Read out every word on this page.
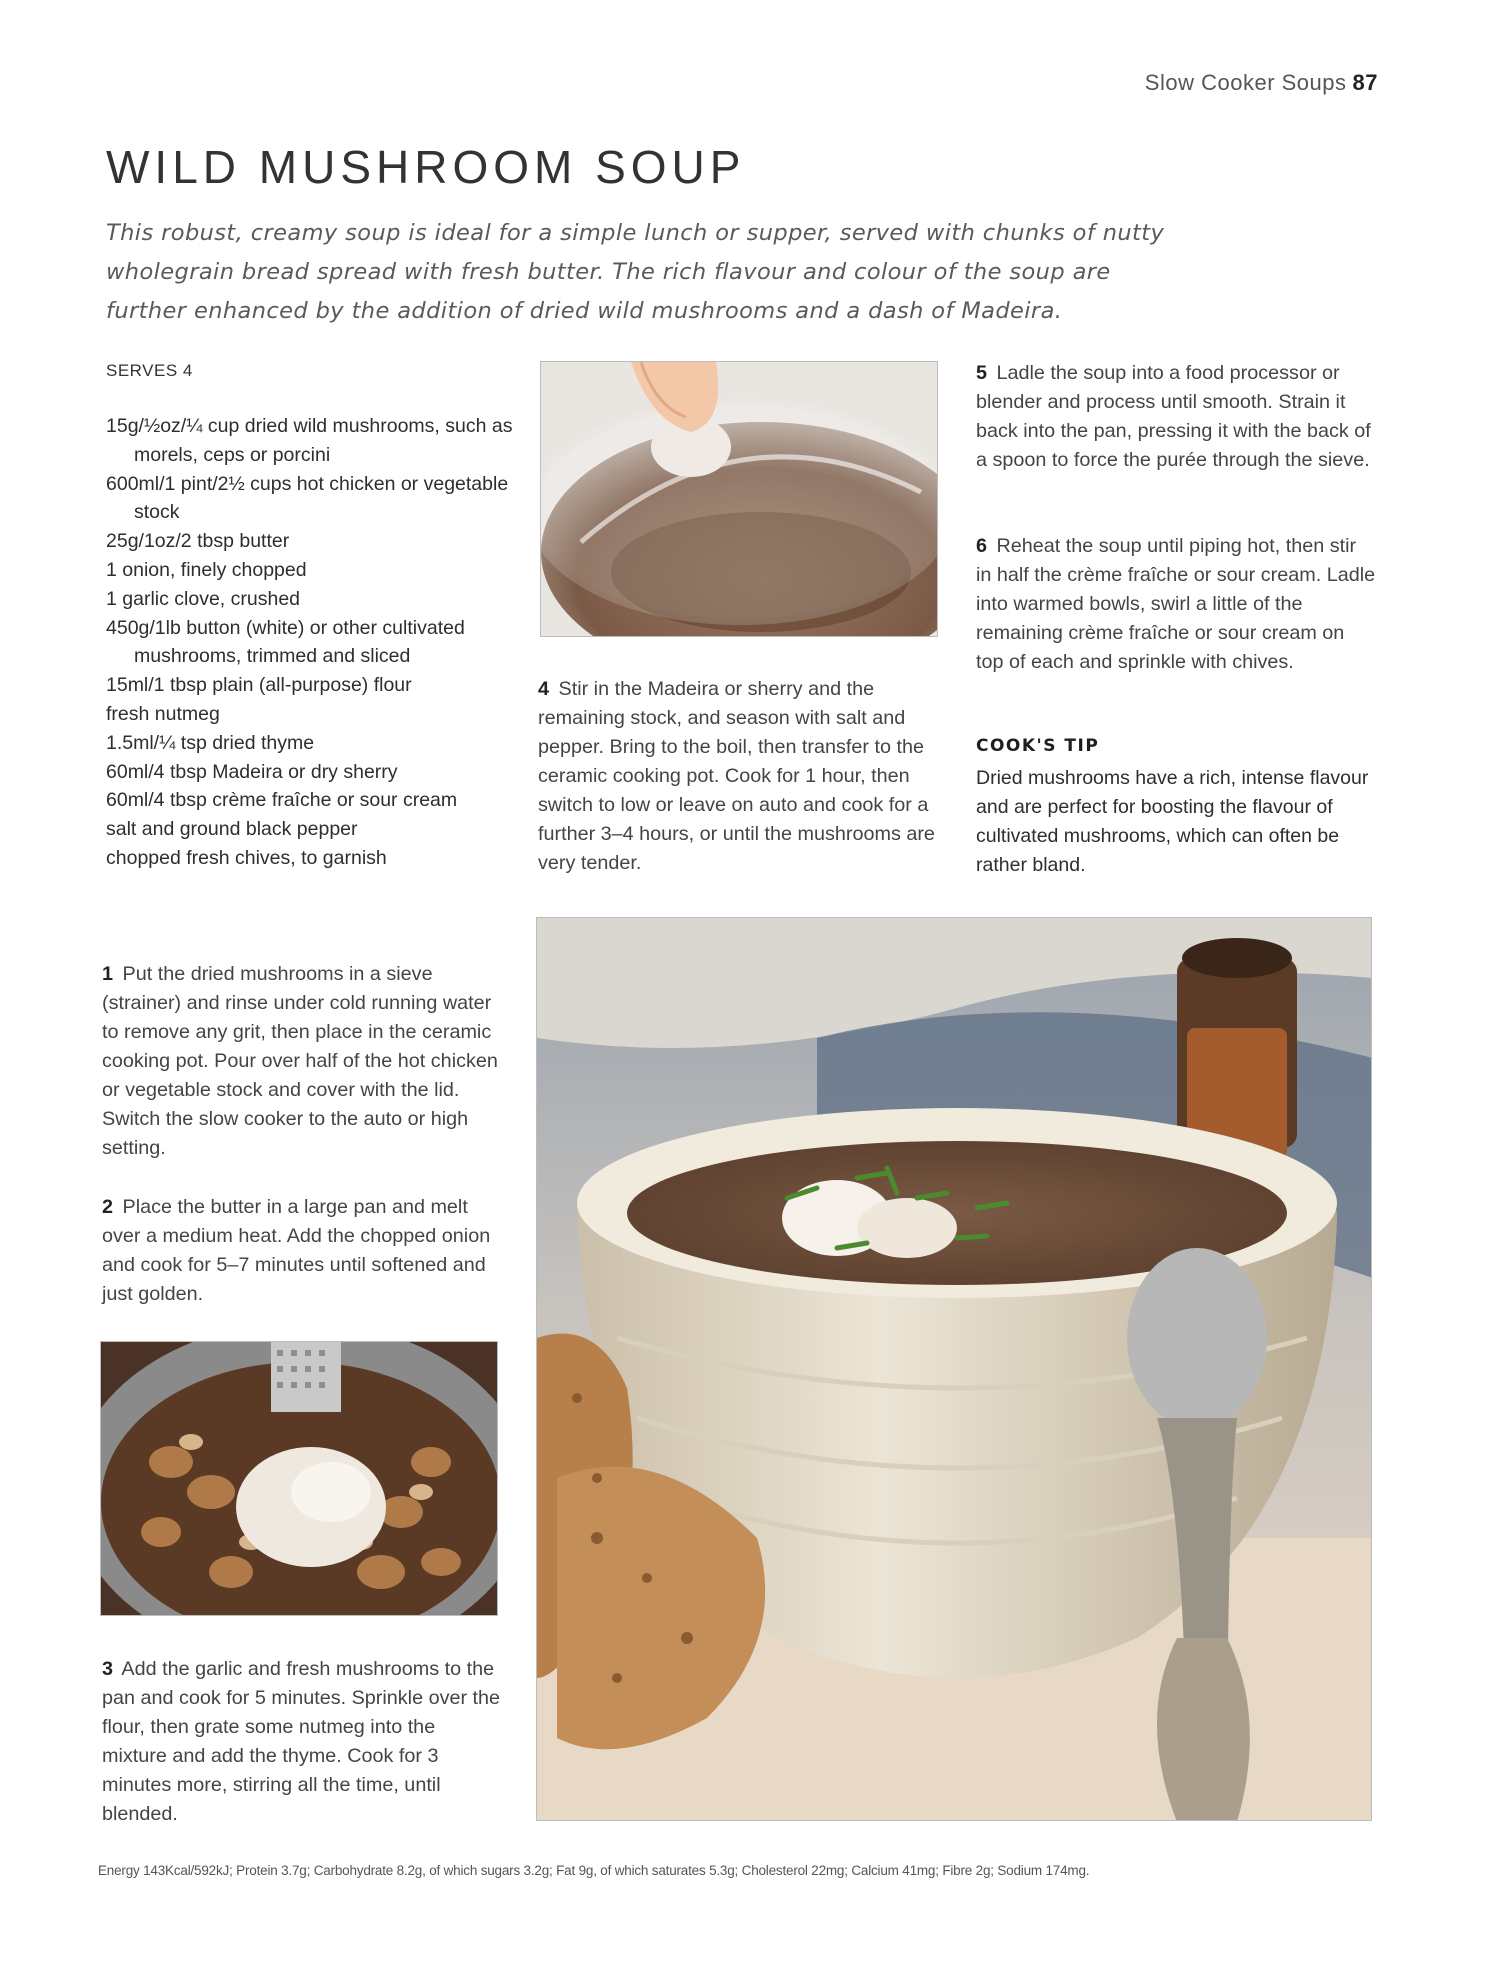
Slow Cooker Soups 87
WILD MUSHROOM SOUP

This robust, creamy soup is ideal for a simple lunch or supper, served with chunks of nutty wholegrain bread spread with fresh butter. The rich flavour and colour of the soup are further enhanced by the addition of dried wild mushrooms and a dash of Madeira.

SERVES 4
15g/½oz/¼ cup dried wild mushrooms, such as morels, ceps or porcini
600ml/1 pint/2½ cups hot chicken or vegetable stock
25g/1oz/2 tbsp butter
1 onion, finely chopped
1 garlic clove, crushed
450g/1lb button (white) or other cultivated mushrooms, trimmed and sliced
15ml/1 tbsp plain (all-purpose) flour
fresh nutmeg
1.5ml/¼ tsp dried thyme
60ml/4 tbsp Madeira or dry sherry
60ml/4 tbsp crème fraîche or sour cream
salt and ground black pepper
chopped fresh chives, to garnish

1 Put the dried mushrooms in a sieve (strainer) and rinse under cold running water to remove any grit, then place in the ceramic cooking pot. Pour over half of the hot chicken or vegetable stock and cover with the lid. Switch the slow cooker to the auto or high setting.

2 Place the butter in a large pan and melt over a medium heat. Add the chopped onion and cook for 5–7 minutes until softened and just golden.

3 Add the garlic and fresh mushrooms to the pan and cook for 5 minutes. Sprinkle over the flour, then grate some nutmeg into the mixture and add the thyme. Cook for 3 minutes more, stirring all the time, until blended.

4 Stir in the Madeira or sherry and the remaining stock, and season with salt and pepper. Bring to the boil, then transfer to the ceramic cooking pot. Cook for 1 hour, then switch to low or leave on auto and cook for a further 3–4 hours, or until the mushrooms are very tender.

5 Ladle the soup into a food processor or blender and process until smooth. Strain it back into the pan, pressing it with the back of a spoon to force the purée through the sieve.

6 Reheat the soup until piping hot, then stir in half the crème fraîche or sour cream. Ladle into warmed bowls, swirl a little of the remaining crème fraîche or sour cream on top of each and sprinkle with chives.

COOK'S TIP

Dried mushrooms have a rich, intense flavour and are perfect for boosting the flavour of cultivated mushrooms, which can often be rather bland.

Energy 143Kcal/592kJ; Protein 3.7g; Carbohydrate 8.2g, of which sugars 3.2g; Fat 9g, of which saturates 5.3g; Cholesterol 22mg; Calcium 41mg; Fibre 2g; Sodium 174mg.
